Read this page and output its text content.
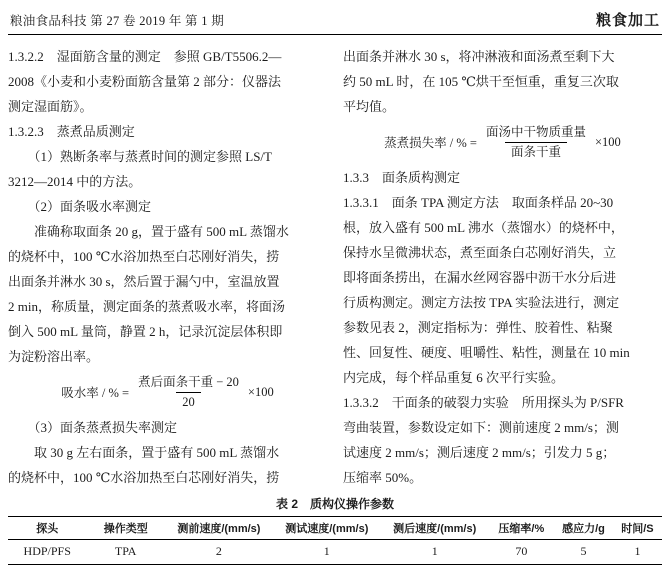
粮油食品科技 第 27 卷 2019 年 第 1 期	粮食加工
1.3.2.2　湿面筋含量的测定　参照 GB/T5506.2—
2008《小麦和小麦粉面筋含量第 2 部分：仪器法
测定湿面筋》。
1.3.2.3　蒸煮品质测定
　　（1）熟断条率与蒸煮时间的测定参照 LS/T
3212—2014 中的方法。
　　（2）面条吸水率测定
　　准确称取面条 20 g，置于盛有 500 mL 蒸馏水
的烧杯中，100 ℃水浴加热至白芯刚好消失，捞
出面条并淋水 30 s，然后置于漏勺中，室温放置
2 min，称质量，测定面条的蒸煮吸水率，将面汤
倒入 500 mL 量筒，静置 2 h，记录沉淀层体积即
为淀粉溶出率。
吸水率 / % = $\frac{\text{煮后面条干重 − 20}}{20} \times 100$
　　（3）面条蒸煮损失率测定
　　取 30 g 左右面条，置于盛有 500 mL 蒸馏水
的烧杯中，100 ℃水浴加热至白芯刚好消失，捞
出面条并淋水 30 s，将冲淋液和面汤煮至剩下大
约 50 mL 时，在 105 ℃烘干至恒重，重复三次取
平均值。
蒸煮损失率 / % = $\frac{\text{面汤中干物质重量}}{\text{面条干重}} \times 100$
1.3.3　面条质构测定
1.3.3.1　面条 TPA 测定方法　取面条样品 20~30
根，放入盛有 500 mL 沸水（蒸馏水）的烧杯中，
保持水呈微沸状态，煮至面条白芯刚好消失，立
即将面条捞出，在漏水丝网容器中沥干水分后进
行质构测定。测定方法按 TPA 实验法进行，测定
参数见表 2，测定指标为：弹性、胶着性、粘聚
性、回复性、硬度、咀嚼性、粘性，测量在 10 min
内完成，每个样品重复 6 次平行实验。
1.3.3.2　干面条的破裂力实验　所用探头为 P/SFR
弯曲装置，参数设定如下：测前速度 2 mm/s；测
试速度 2 mm/s；测后速度 2 mm/s；引发力 5 g；
压缩率 50%。
表 2　质构仪操作参数
探头	操作类型	测前速度/(mm/s)	测试速度/(mm/s)	测后速度/(mm/s)	压缩率/%	感应力/g	时间/S
HDP/PFS	TPA	2	1	1	70	5	1
